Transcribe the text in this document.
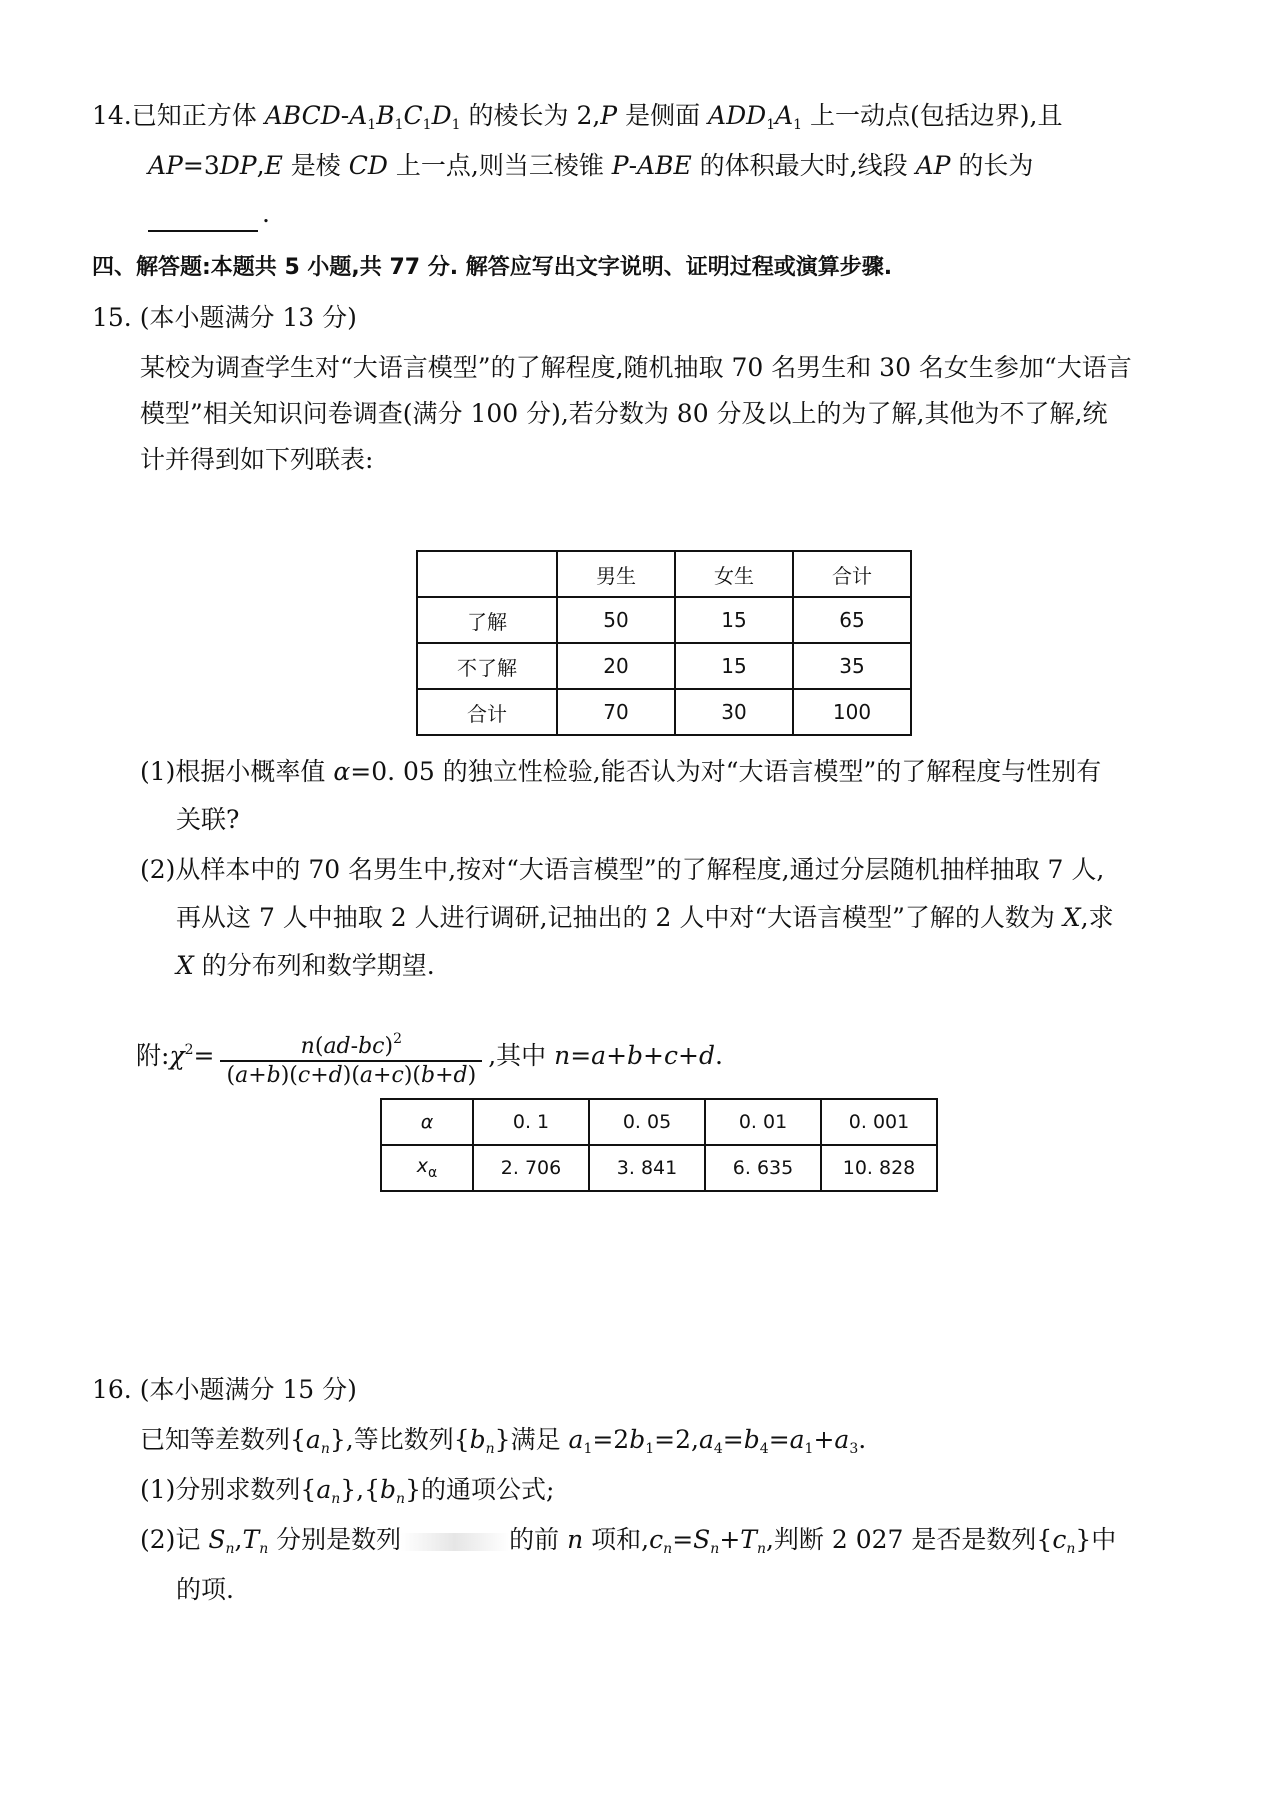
14.已知正方体 ABCD-$A_1B_1C_1D_1$ 的棱长为 2,P 是侧面 $ADD_1A_1$ 上一动点(包括边界),且
AP=3DP,E 是棱 CD 上一点,则当三棱锥 P-ABE 的体积最大时,线段 AP 的长为
.
四、解答题:本题共 5 小题,共 77 分. 解答应写出文字说明、证明过程或演算步骤.
15. (本小题满分 13 分)
某校为调查学生对“大语言模型”的了解程度,随机抽取 70 名男生和 30 名女生参加“大语言
模型”相关知识问卷调查(满分 100 分),若分数为 80 分及以上的为了解,其他为不了解,统
计并得到如下列联表:
	男生	女生	合计
了解	50	15	65
不了解	20	15	35
合计	70	30	100
(1)根据小概率值 α=0. 05 的独立性检验,能否认为对“大语言模型”的了解程度与性别有
关联?
(2)从样本中的 70 名男生中,按对“大语言模型”的了解程度,通过分层随机抽样抽取 7 人,
再从这 7 人中抽取 2 人进行调研,记抽出的 2 人中对“大语言模型”了解的人数为 X,求
X 的分布列和数学期望.
附$:\chi^2= \frac{n(ad-bc)^2}{(a+b)(c+d)(a+c)(b+d)}$ ,其中 n=a+b+c+d.
α	0. 1	0. 05	0. 01	0. 001
$x_\alpha$	2. 706	3. 841	6. 635	10. 828
16. (本小题满分 15 分)
已知等差数列$\{a_n\}$,等比数列$\{b_n\}$满足 $a_1=2b_1=2,a_4=b_4=a_1+a_3$.
(1)分别求数列$\{a_n\},\{b_n\}$的通项公式;
(2)记 $S_n,T_n$ 分别是数列	的前 n 项和$,c_n=S_n+T_n$,判断 2 027 是否是数列$\{c_n\}$中
的项.
